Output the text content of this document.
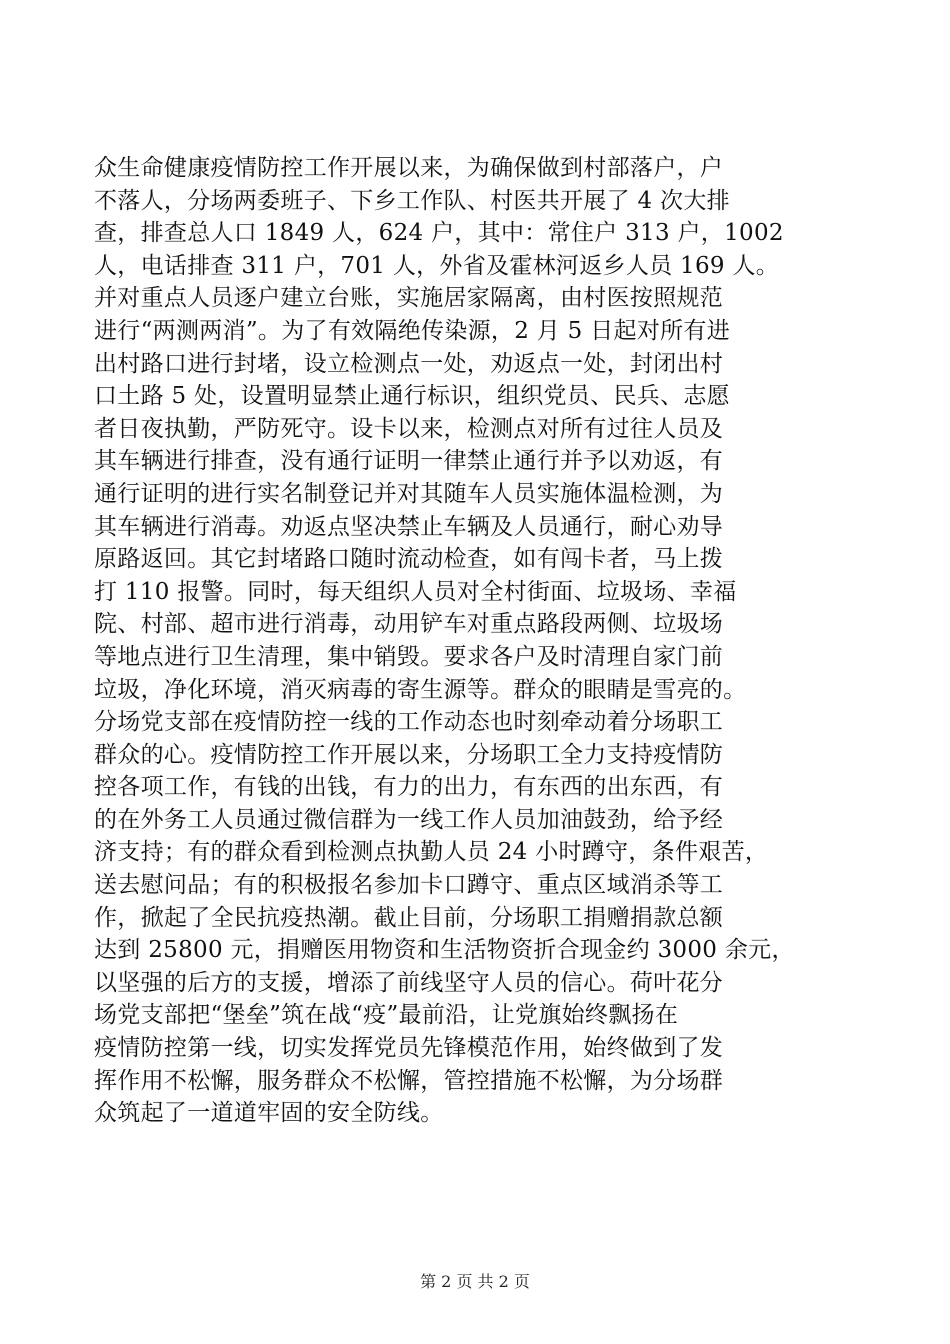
众生命健康疫情防控工作开展以来，为确保做到村部落户，户
不落人，分场两委班子、下乡工作队、村医共开展了 4 次大排
查，排查总人口 1849 人，624 户，其中：常住户 313 户，1002
人，电话排查 311 户，701 人，外省及霍林河返乡人员 169 人。
并对重点人员逐户建立台账，实施居家隔离，由村医按照规范
进行“两测两消”。为了有效隔绝传染源，2 月 5 日起对所有进
出村路口进行封堵，设立检测点一处，劝返点一处，封闭出村
口土路 5 处，设置明显禁止通行标识，组织党员、民兵、志愿
者日夜执勤，严防死守。设卡以来，检测点对所有过往人员及
其车辆进行排查，没有通行证明一律禁止通行并予以劝返，有
通行证明的进行实名制登记并对其随车人员实施体温检测，为
其车辆进行消毒。劝返点坚决禁止车辆及人员通行，耐心劝导
原路返回。其它封堵路口随时流动检查，如有闯卡者，马上拨
打 110 报警。同时，每天组织人员对全村街面、垃圾场、幸福
院、村部、超市进行消毒，动用铲车对重点路段两侧、垃圾场
等地点进行卫生清理，集中销毁。要求各户及时清理自家门前
垃圾，净化环境，消灭病毒的寄生源等。群众的眼睛是雪亮的。
分场党支部在疫情防控一线的工作动态也时刻牵动着分场职工
群众的心。疫情防控工作开展以来，分场职工全力支持疫情防
控各项工作，有钱的出钱，有力的出力，有东西的出东西，有
的在外务工人员通过微信群为一线工作人员加油鼓劲，给予经
济支持；有的群众看到检测点执勤人员 24 小时蹲守，条件艰苦，
送去慰问品；有的积极报名参加卡口蹲守、重点区域消杀等工
作，掀起了全民抗疫热潮。截止目前，分场职工捐赠捐款总额
达到 25800 元，捐赠医用物资和生活物资折合现金约 3000 余元，
以坚强的后方的支援，增添了前线坚守人员的信心。荷叶花分
场党支部把“堡垒”筑在战“疫”最前沿，让党旗始终飘扬在
疫情防控第一线，切实发挥党员先锋模范作用，始终做到了发
挥作用不松懈，服务群众不松懈，管控措施不松懈，为分场群
众筑起了一道道牢固的安全防线。
第 2 页 共 2 页
